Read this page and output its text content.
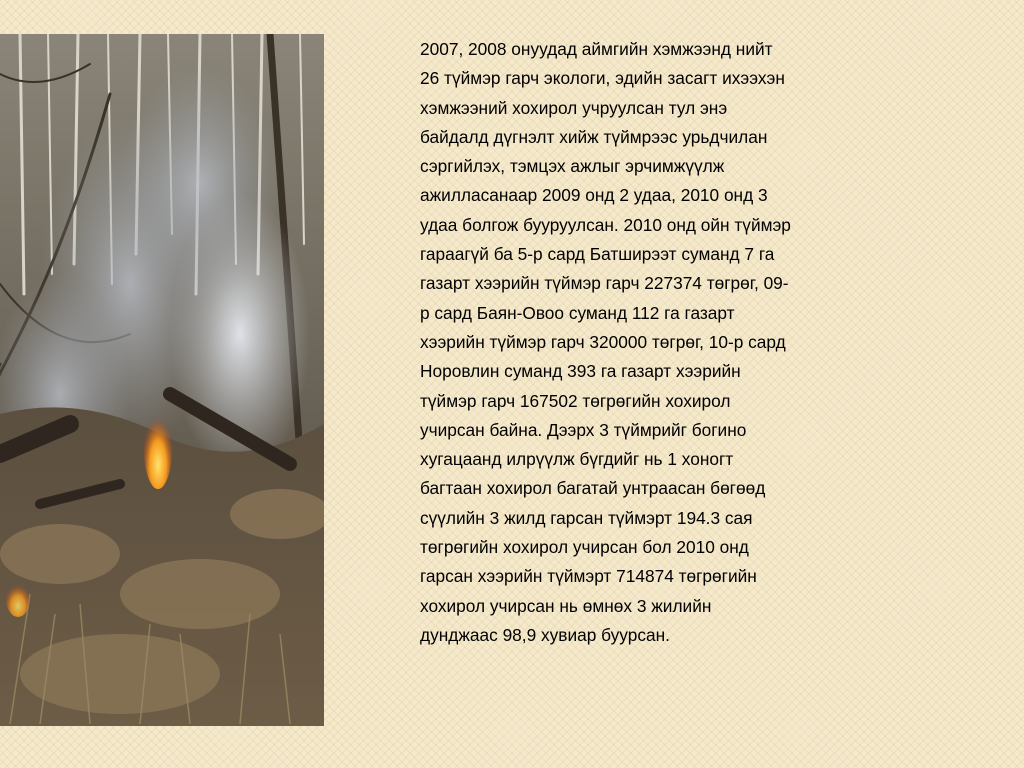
2007, 2008 онуудад аймгийн хэмжээнд нийт
26 түймэр гарч экологи, эдийн засагт ихээхэн
хэмжээний хохирол учруулсан тул энэ
байдалд дүгнэлт хийж түймрээс урьдчилан
сэргийлэх, тэмцэх ажлыг эрчимжүүлж
ажилласанаар 2009 онд 2 удаа, 2010 онд 3
удаа болгож бууруулсан. 2010 онд ойн түймэр
гараагүй ба 5-р сард Батширээт сумaнд 7 га
газарт хээрийн түймэр гарч 227374 төгрөг, 09-
р сард Баян-Овоо суманд 112 га газарт
хээрийн түймэр гарч 320000 төгрөг, 10-р сард
Норовлин суманд 393 га газарт хээрийн
түймэр гарч 167502 төгрөгийн хохирол
учирсан байна. Дээрх 3 түймрийг богино
хугацаанд илрүүлж бүгдийг нь 1 хоногт
багтаан хохирол багатай унтраасан бөгөөд
сүүлийн 3 жилд гарсан түймэрт 194.3 сая
төгрөгийн хохирол учирсан бол 2010 онд
гарсан хээрийн түймэрт 714874 төгрөгийн
хохирол учирсан нь өмнөх 3 жилийн
дунджаас 98,9 хувиар буурсан.
